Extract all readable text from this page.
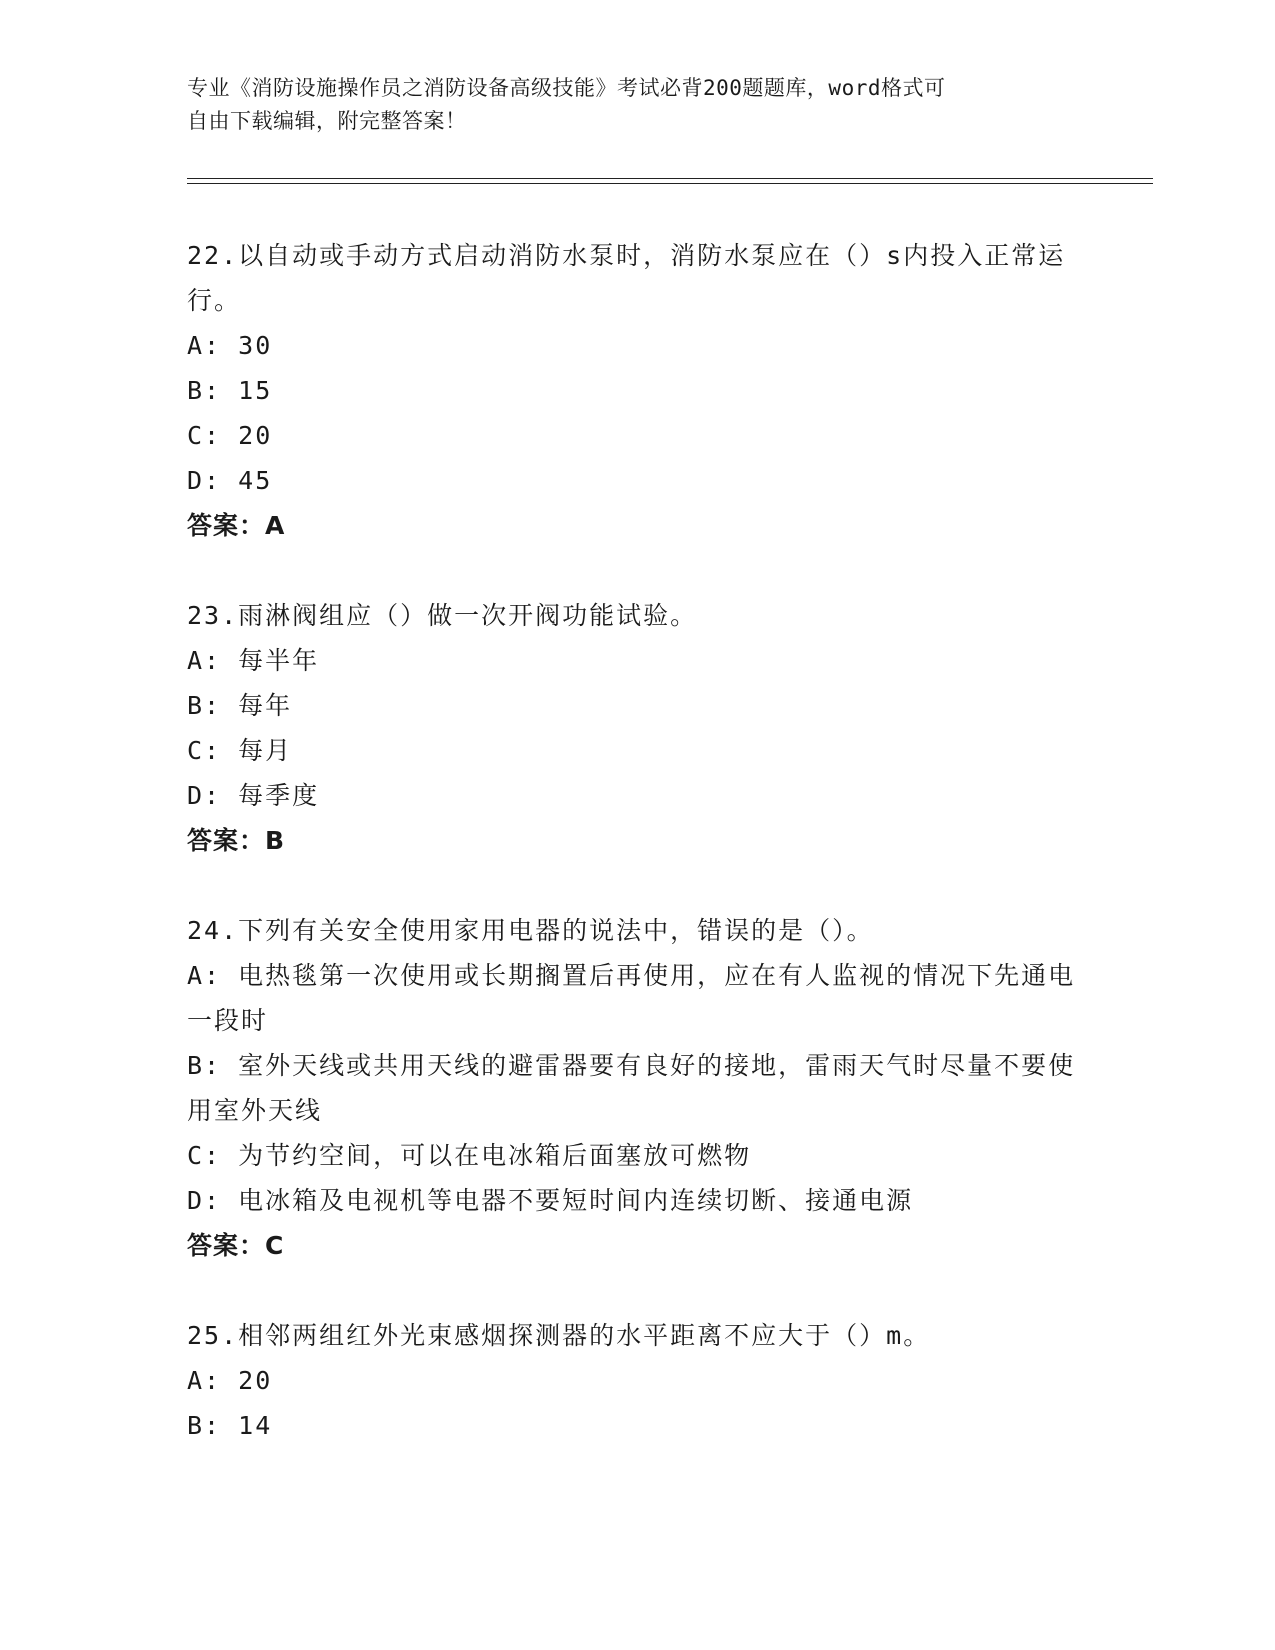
专业《消防设施操作员之消防设备高级技能》考试必背200题题库，word格式可
自由下载编辑，附完整答案！

22.以自动或手动方式启动消防水泵时，消防水泵应在（）s内投入正常运行。

A: 30

B: 15

C: 20

D: 45

答案：A

23.雨淋阀组应（）做一次开阀功能试验。

A: 每半年

B: 每年

C: 每月

D: 每季度

答案：B

24.下列有关安全使用家用电器的说法中，错误的是（）。

A: 电热毯第一次使用或长期搁置后再使用，应在有人监视的情况下先通电一段时

B: 室外天线或共用天线的避雷器要有良好的接地，雷雨天气时尽量不要使用室外天线

C: 为节约空间，可以在电冰箱后面塞放可燃物

D: 电冰箱及电视机等电器不要短时间内连续切断、接通电源

答案：C

25.相邻两组红外光束感烟探测器的水平距离不应大于（）m。

A: 20

B: 14
